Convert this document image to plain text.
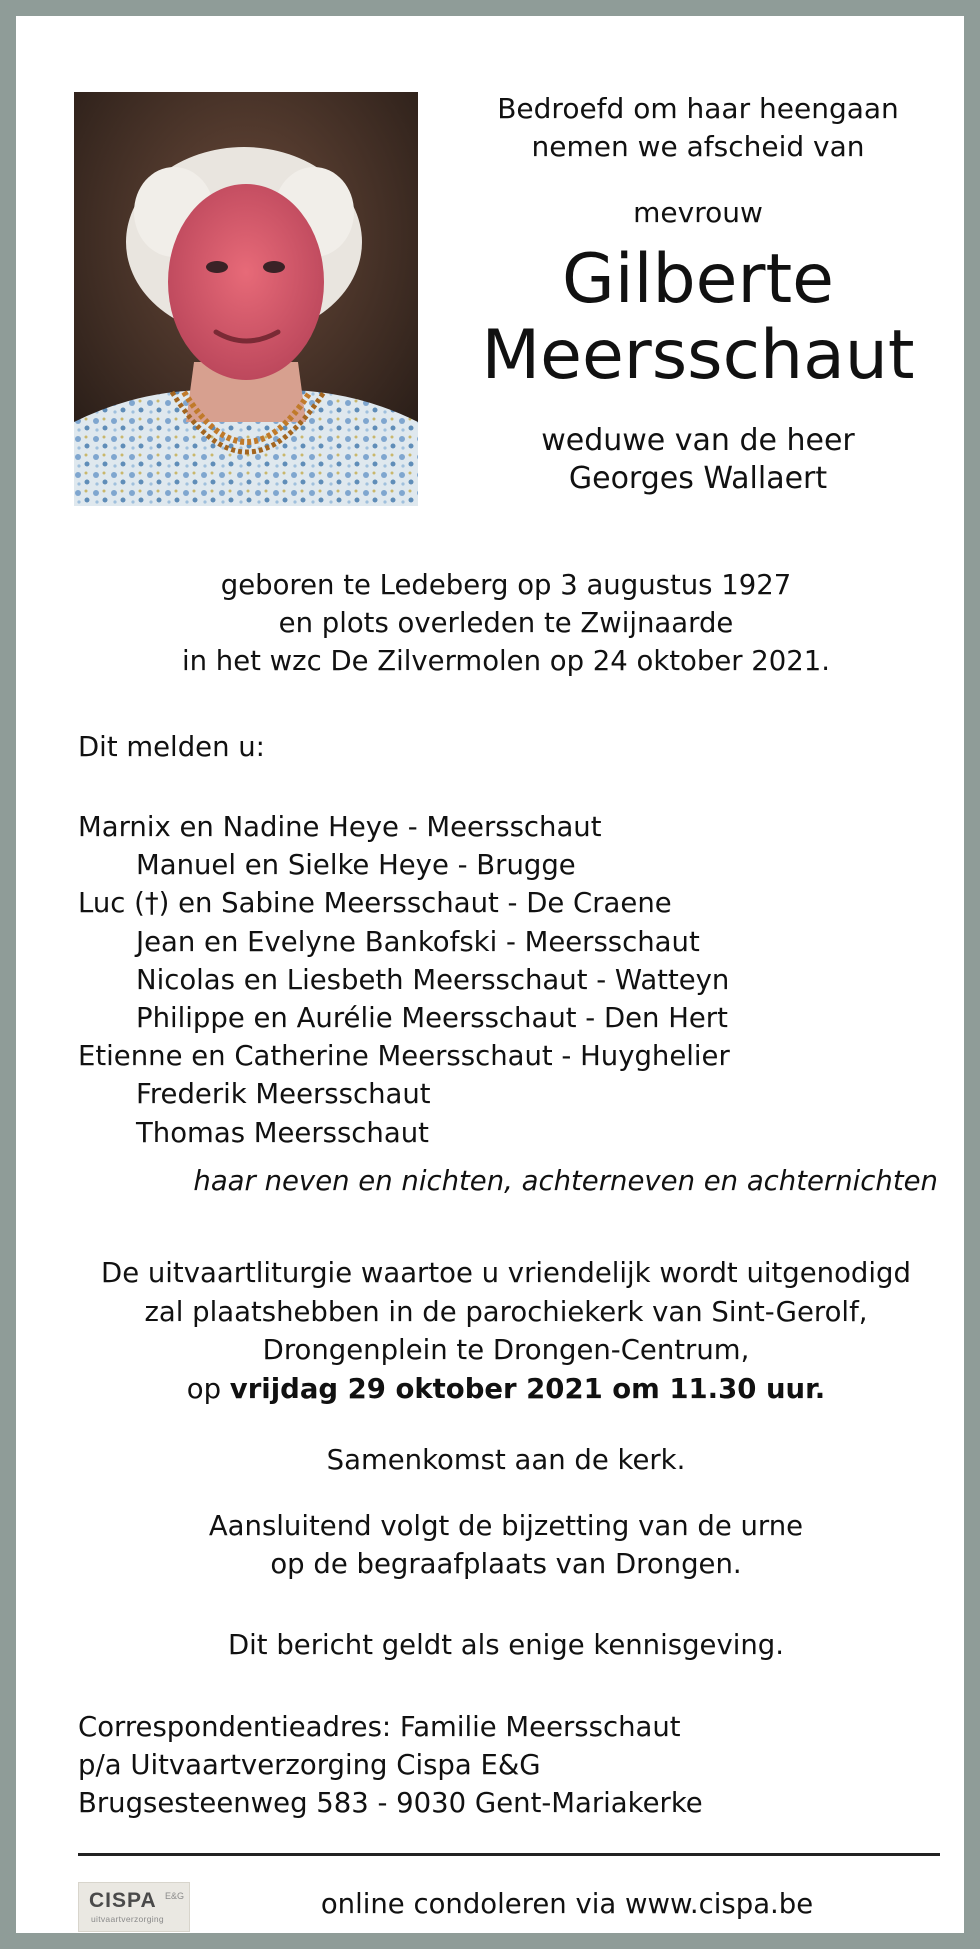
Bedroefd om haar heengaan
nemen we afscheid van
mevrouw
Gilberte
Meersschaut
weduwe van de heer
Georges Wallaert
geboren te Ledeberg op 3 augustus 1927
en plots overleden te Zwijnaarde
in het wzc De Zilvermolen op 24 oktober 2021.
Dit melden u:
Marnix en Nadine Heye - Meersschaut
Manuel en Sielke Heye - Brugge
Luc (†) en Sabine Meersschaut - De Craene
Jean en Evelyne Bankofski - Meersschaut
Nicolas en Liesbeth Meersschaut - Watteyn
Philippe en Aurélie Meersschaut - Den Hert
Etienne en Catherine Meersschaut - Huyghelier
Frederik Meersschaut
Thomas Meersschaut
haar neven en nichten, achterneven en achternichten
De uitvaartliturgie waartoe u vriendelijk wordt uitgenodigd
zal plaatshebben in de parochiekerk van Sint-Gerolf,
Drongenplein te Drongen-Centrum,
op vrijdag 29 oktober 2021 om 11.30 uur.
Samenkomst aan de kerk.
Aansluitend volgt de bijzetting van de urne
op de begraafplaats van Drongen.
Dit bericht geldt als enige kennisgeving.
Correspondentieadres: Familie Meersschaut
p/a Uitvaartverzorging Cispa E&G
Brugsesteenweg 583 - 9030 Gent-Mariakerke
CISPA E&G
uitvaartverzorging	online condoleren via www.cispa.be
